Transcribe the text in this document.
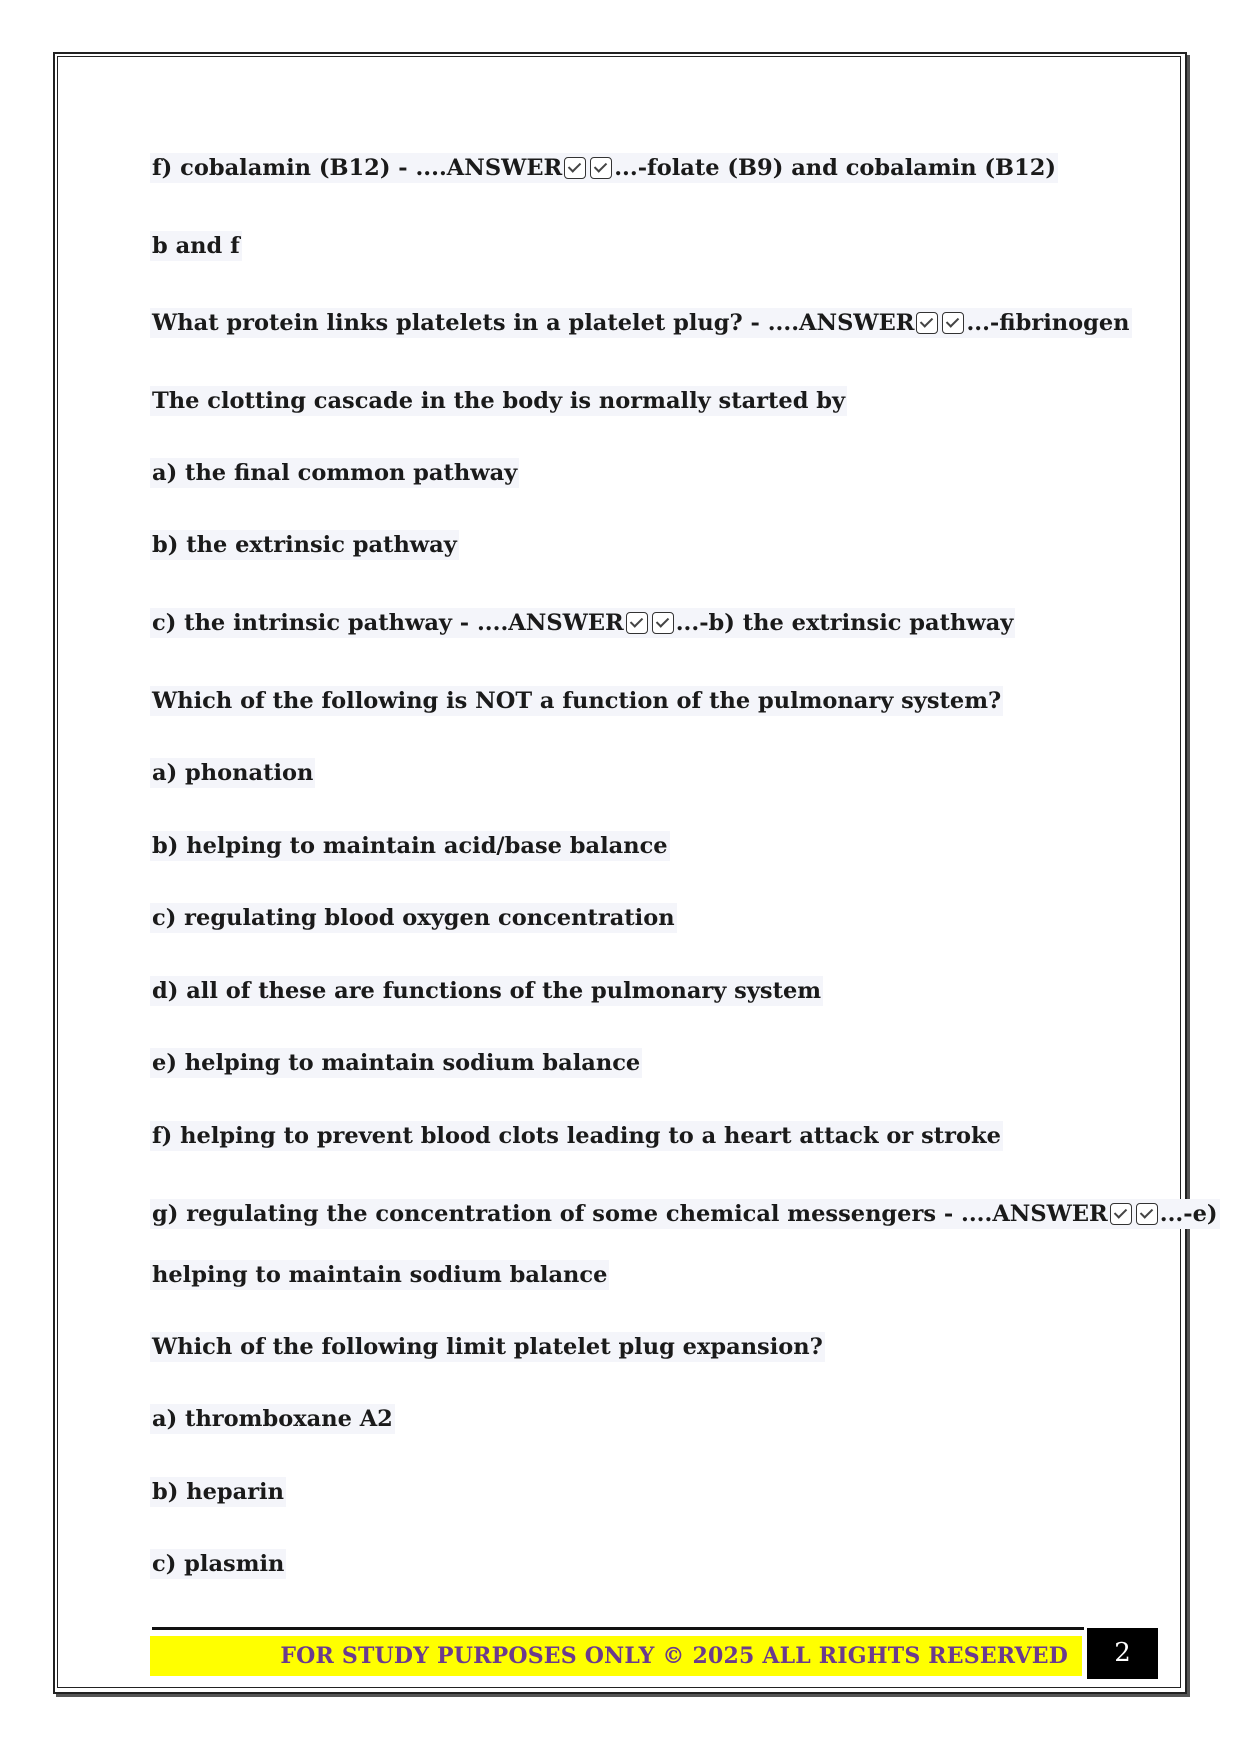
f) cobalamin (B12) - ....ANSWER ...-folate (B9) and cobalamin (B12)
b and f
What protein links platelets in a platelet plug? - ....ANSWER ...-fibrinogen
The clotting cascade in the body is normally started by
a) the final common pathway
b) the extrinsic pathway
c) the intrinsic pathway - ....ANSWER ...-b) the extrinsic pathway
Which of the following is NOT a function of the pulmonary system?
a) phonation
b) helping to maintain acid/base balance
c) regulating blood oxygen concentration
d) all of these are functions of the pulmonary system
e) helping to maintain sodium balance
f) helping to prevent blood clots leading to a heart attack or stroke
g) regulating the concentration of some chemical messengers - ....ANSWER ...-e)
helping to maintain sodium balance
Which of the following limit platelet plug expansion?
a) thromboxane A2
b) heparin
c) plasmin
FOR STUDY PURPOSES ONLY © 2025 ALL RIGHTS RESERVED	2
